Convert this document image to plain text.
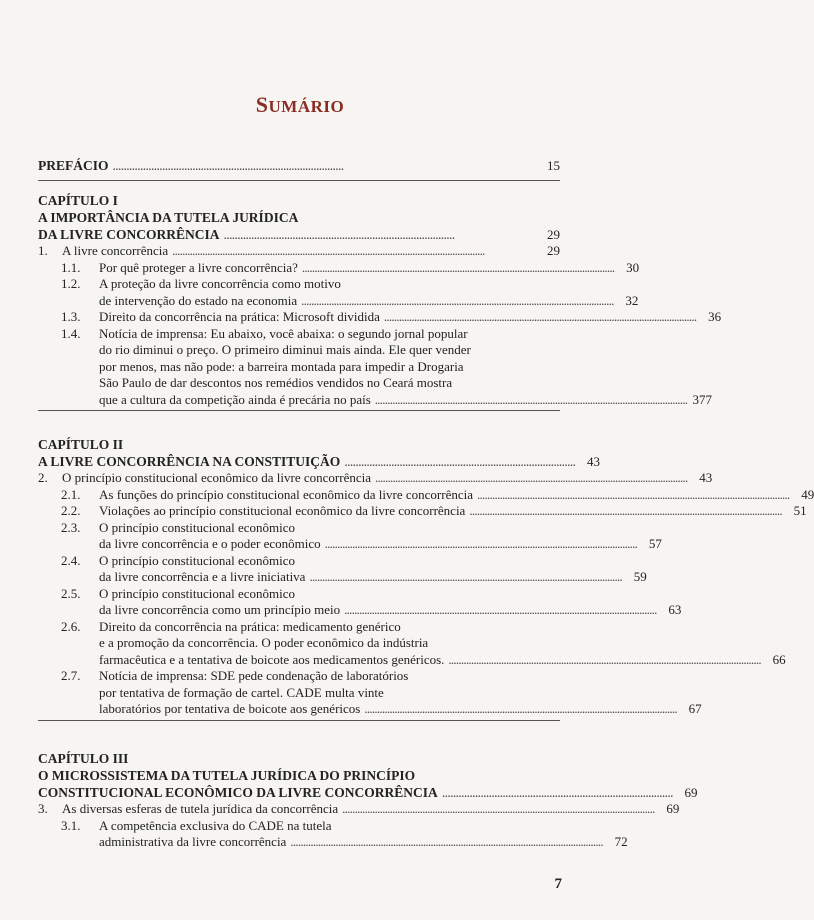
SUMÁRIO
PREFÁCIO . . .	15
CAPÍTULO I
A IMPORTÂNCIA DA TUTELA JURÍDICA
DA LIVRE CONCORRÊNCIA . . .	29
1.	A livre concorrência . . .	29
1.1.	Por quê proteger a livre concorrência? . . .	30
1.2.	A proteção da livre concorrência como motivo
de intervenção do estado na economia . . .	32
1.3.	Direito da concorrência na prática: Microsoft dividida . . .	36
1.4.	Notícia de imprensa: Eu abaixo, você abaixa: o segundo jornal popular
do rio diminui o preço. O primeiro diminui mais ainda. Ele quer vender
por menos, mas não pode: a barreira montada para impedir a Drogaria
São Paulo de dar descontos nos remédios vendidos no Ceará mostra
que a cultura da competição ainda é precária no país . . .	377
CAPÍTULO II
A LIVRE CONCORRÊNCIA NA CONSTITUIÇÃO . . .	43
2.	O princípio constitucional econômico da livre concorrência . . .	43
2.1.	As funções do princípio constitucional econômico da livre concorrência . . .	49
2.2.	Violações ao princípio constitucional econômico da livre concorrência . . .	51
2.3.	O princípio constitucional econômico
da livre concorrência e o poder econômico . . .	57
2.4.	O princípio constitucional econômico
da livre concorrência e a livre iniciativa . . .	59
2.5.	O princípio constitucional econômico
da livre concorrência como um princípio meio . . .	63
2.6.	Direito da concorrência na prática: medicamento genérico
e a promoção da concorrência. O poder econômico da indústria
farmacêutica e a tentativa de boicote aos medicamentos genéricos. . . .	66
2.7.	Notícia de imprensa: SDE pede condenação de laboratórios
por tentativa de formação de cartel. CADE multa vinte
laboratórios por tentativa de boicote aos genéricos . . .	67
CAPÍTULO III
O MICROSSISTEMA DA TUTELA JURÍDICA DO PRINCÍPIO
CONSTITUCIONAL ECONÔMICO DA LIVRE CONCORRÊNCIA . . .	69
3.	As diversas esferas de tutela jurídica da concorrência . . .	69
3.1.	A competência exclusiva do CADE na tutela
administrativa da livre concorrência . . .	72
7
